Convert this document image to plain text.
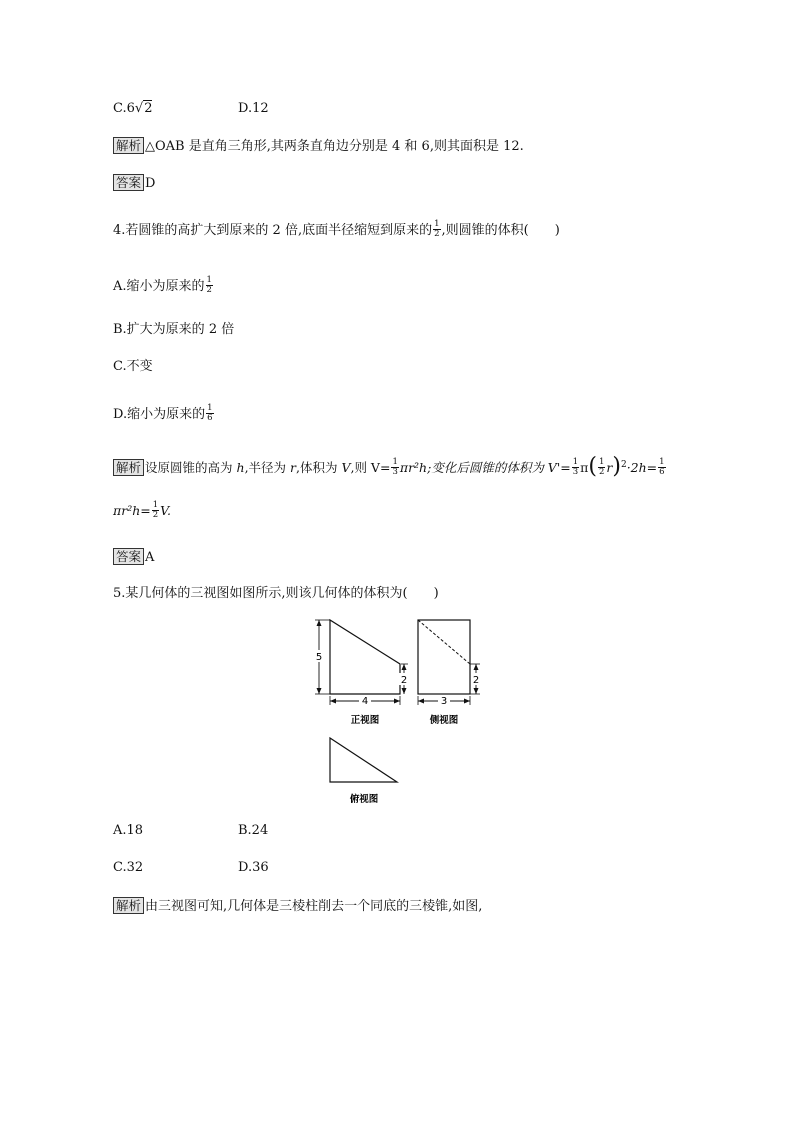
C.6√2	D.12
解析 △OAB 是直角三角形,其两条直角边分别是 4 和 6,则其面积是 12.
答案 D
4.若圆锥的高扩大到原来的 2 倍,底面半径缩短到原来的 $\frac{1}{2}$ ,则圆锥的体积(　　)
A.缩小为原来的 $\frac{1}{2}$
B.扩大为原来的 2 倍
C.不变
D.缩小为原来的 $\frac{1}{6}$
解析 设原圆锥的高为 h,半径为 r,体积为 V,则 $V= \frac{1}{3} \pi r^2h$;变化后圆锥的体积为 $V'= \frac{1}{3} \pi( \frac{1}{2} r)^2\cdot 2h= \frac{1}{6}$
$\pi r^2h= \frac{1}{2} V$.
答案 A
5.某几何体的三视图如图所示,则该几何体的体积为(　　)
5
2
4
正视图
2
3
侧视图
俯视图
A.18	B.24
C.32	D.36
解析 由三视图可知,几何体是三棱柱削去一个同底的三棱锥,如图,
